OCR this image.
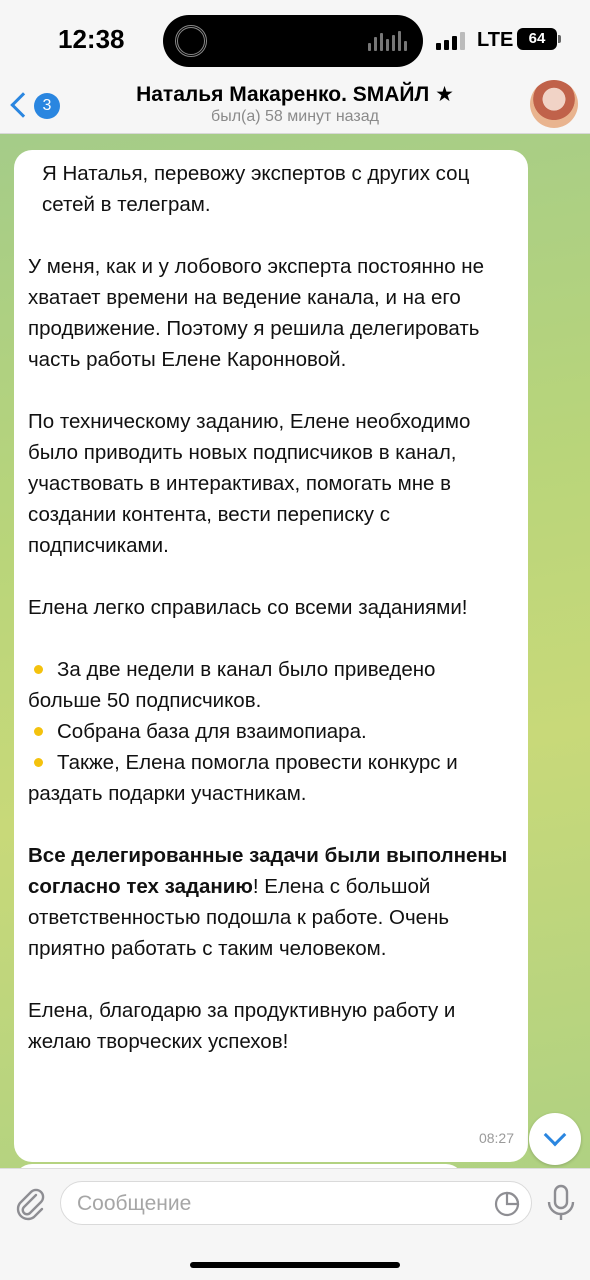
12:38	LTE	64
3	Наталья Макаренко. SMАЙЛ ★
был(а) 58 минут назад
Я Наталья, перевожу экспертов с других соц сетей в телеграм.
У меня, как и у лобового эксперта постоянно не хватает времени на ведение канала, и на его продвижение. Поэтому я решила делегировать часть работы Елене Каронновой.
По техническому заданию, Елене необходимо было приводить новых подписчиков в канал, участвовать в интерактивах, помогать мне в создании контента, вести переписку с подписчиками.
Елена легко справилась со всеми заданиями!
За две недели в канал было приведено больше 50 подписчиков.
Собрана база для взаимопиара.
Также, Елена помогла провести конкурс и раздать подарки участникам.
Все делегированные задачи были выполнены согласно тех заданию! Елена с большой ответственностью подошла к работе. Очень приятно работать с таким человеком.
Елена, благодарю за продуктивную работу и желаю творческих успехов!
08:27
Сообщение
